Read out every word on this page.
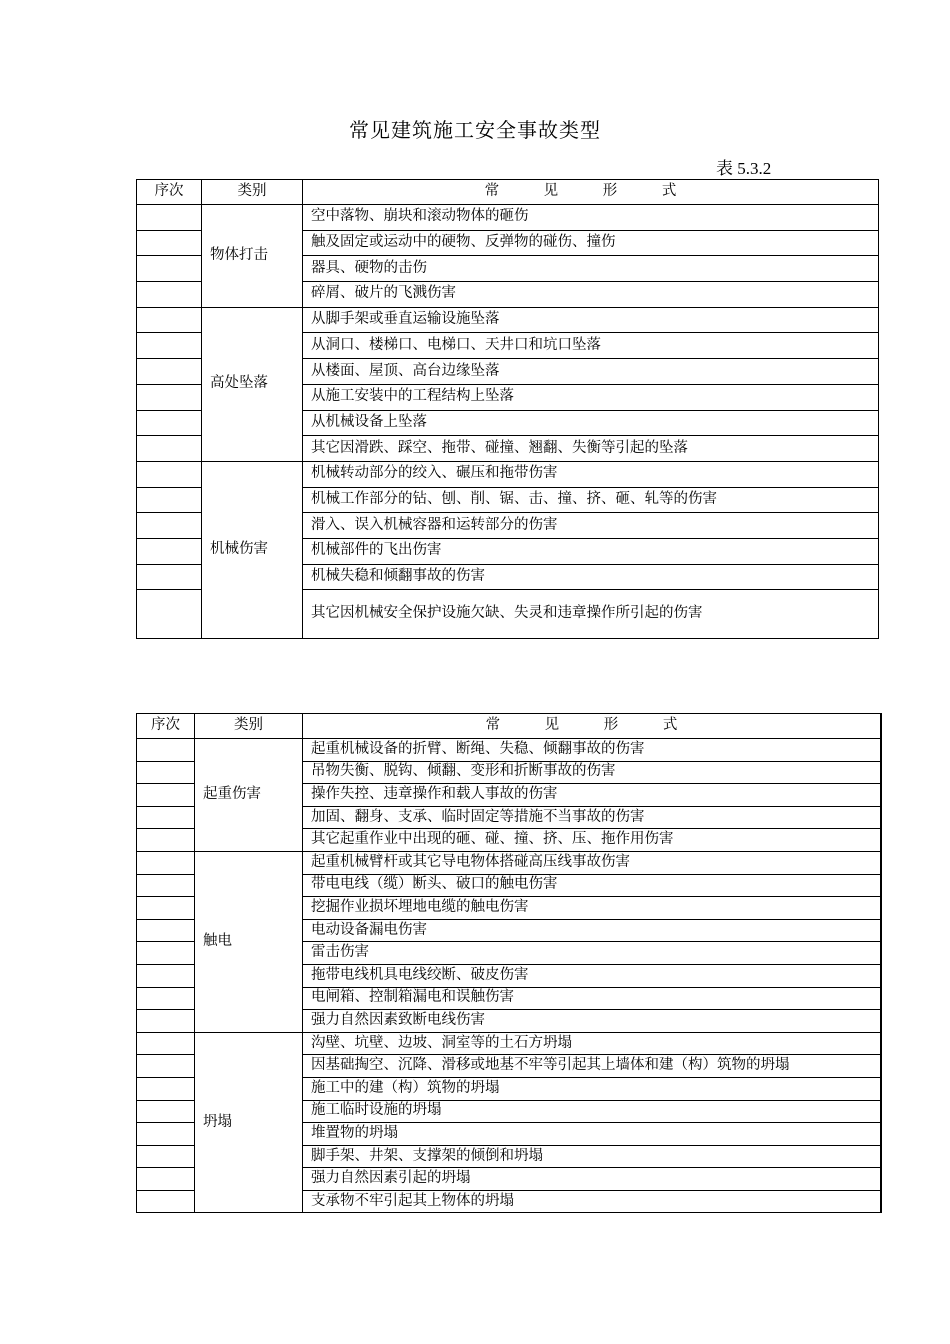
常见建筑施工安全事故类型
表 5.3.2
序次	类别	常 见 形 式
	物体打击	空中落物、崩块和滚动物体的砸伤
		触及固定或运动中的硬物、反弹物的碰伤、撞伤
		器具、硬物的击伤
		碎屑、破片的飞溅伤害
	高处坠落	从脚手架或垂直运输设施坠落
		从洞口、楼梯口、电梯口、天井口和坑口坠落
		从楼面、屋顶、高台边缘坠落
		从施工安装中的工程结构上坠落
		从机械设备上坠落
		其它因滑跌、踩空、拖带、碰撞、翘翻、失衡等引起的坠落
	机械伤害	机械转动部分的绞入、碾压和拖带伤害
		机械工作部分的钻、刨、削、锯、击、撞、挤、砸、轧等的伤害
		滑入、误入机械容器和运转部分的伤害
		机械部件的飞出伤害
		机械失稳和倾翻事故的伤害
		其它因机械安全保护设施欠缺、失灵和违章操作所引起的伤害
序次	类别	常 见 形 式
	起重伤害	起重机械设备的折臂、断绳、失稳、倾翻事故的伤害
		吊物失衡、脱钩、倾翻、变形和折断事故的伤害
		操作失控、违章操作和载人事故的伤害
		加固、翻身、支承、临时固定等措施不当事故的伤害
		其它起重作业中出现的砸、碰、撞、挤、压、拖作用伤害
	触电	起重机械臂杆或其它导电物体搭碰高压线事故伤害
		带电电线（缆）断头、破口的触电伤害
		挖掘作业损坏埋地电缆的触电伤害
		电动设备漏电伤害
		雷击伤害
		拖带电线机具电线绞断、破皮伤害
		电闸箱、控制箱漏电和误触伤害
		强力自然因素致断电线伤害
	坍塌	沟壁、坑壁、边坡、洞室等的土石方坍塌
		因基础掏空、沉降、滑移或地基不牢等引起其上墙体和建（构）筑物的坍塌
		施工中的建（构）筑物的坍塌
		施工临时设施的坍塌
		堆置物的坍塌
		脚手架、井架、支撑架的倾倒和坍塌
		强力自然因素引起的坍塌
		支承物不牢引起其上物体的坍塌
